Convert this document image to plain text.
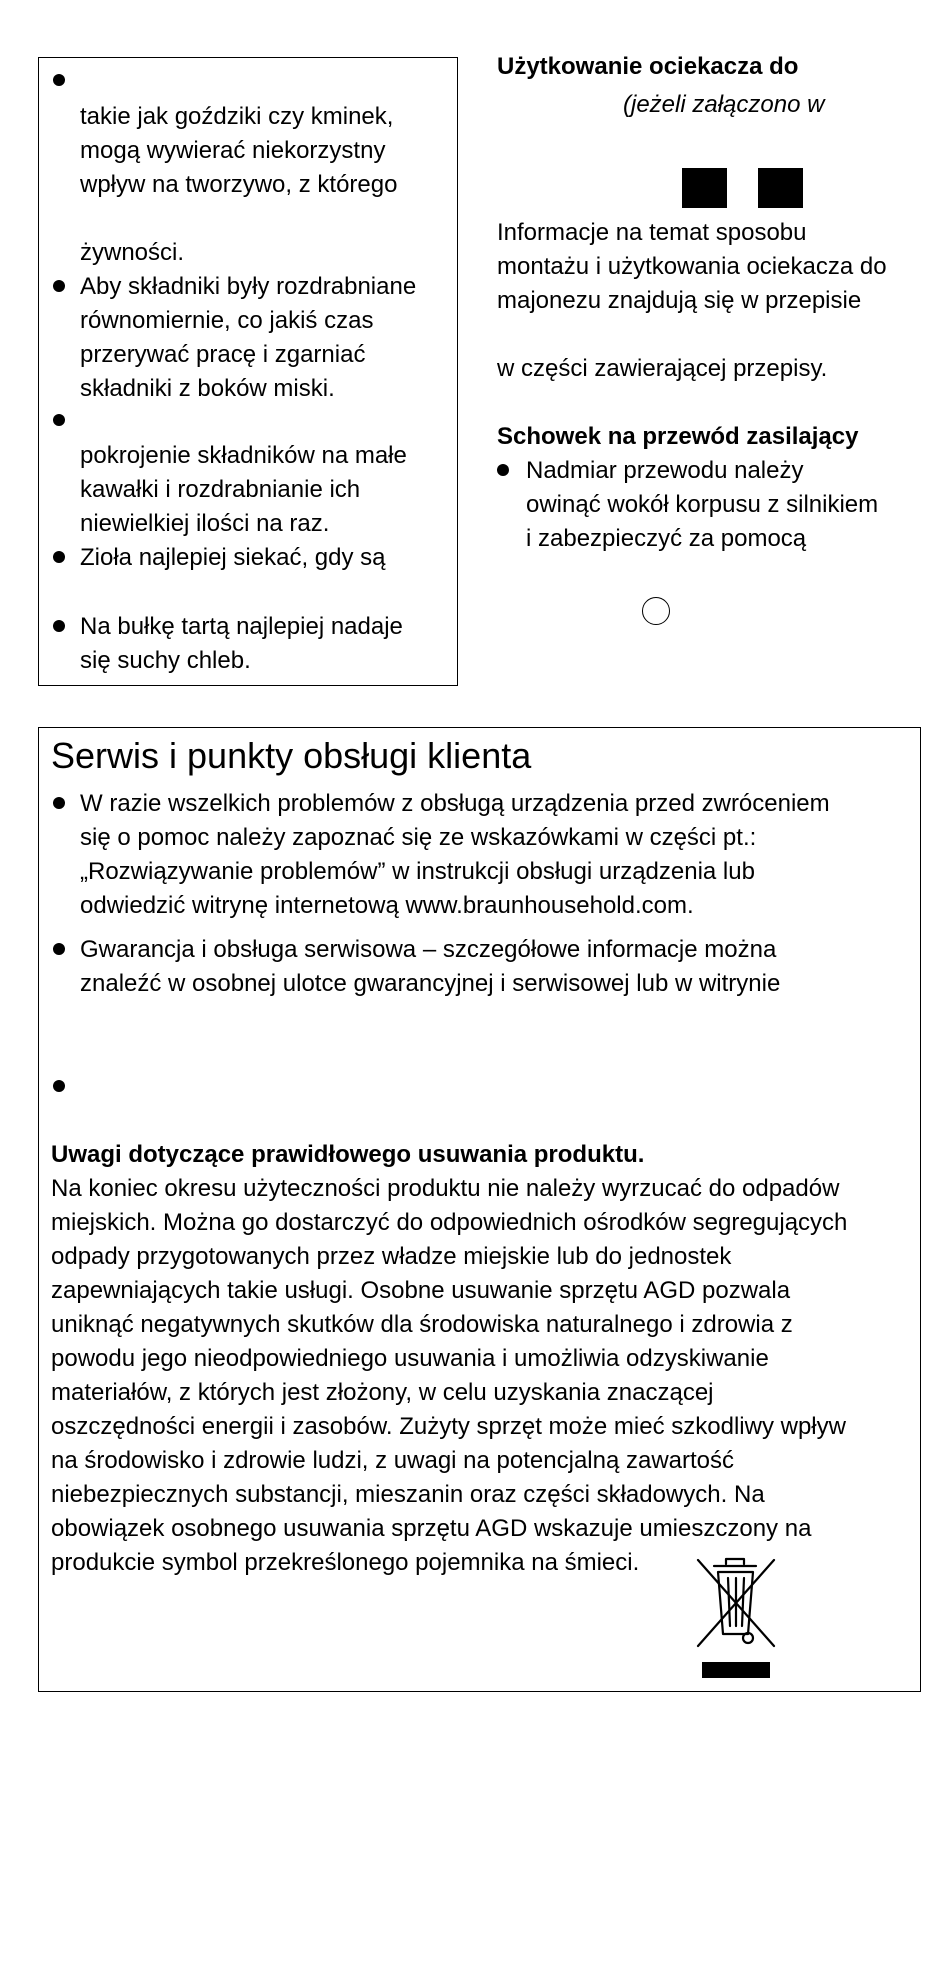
takie jak goździki czy kminek,
mogą wywierać niekorzystny
wpływ na tworzywo, z którego
żywności.
Aby składniki były rozdrabniane
równomiernie, co jakiś czas
przerywać pracę i zgarniać
składniki z boków miski.
pokrojenie składników na małe
kawałki i rozdrabnianie ich
niewielkiej ilości na raz.
Zioła najlepiej siekać, gdy są
Na bułkę tartą najlepiej nadaje
się suchy chleb.
Użytkowanie ociekacza do
(jeżeli załączono w
Informacje na temat sposobu
montażu i użytkowania ociekacza do
majonezu znajdują się w przepisie
w części zawierającej przepisy.
Schowek na przewód zasilający
Nadmiar przewodu należy
owinąć wokół korpusu z silnikiem
i zabezpieczyć za pomocą
Serwis i punkty obsługi klienta
W razie wszelkich problemów z obsługą urządzenia przed zwróceniem
się o pomoc należy zapoznać się ze wskazówkami w części pt.:
„Rozwiązywanie problemów” w instrukcji obsługi urządzenia lub
odwiedzić witrynę internetową www.braunhousehold.com.
Gwarancja i obsługa serwisowa – szczegółowe informacje można
znaleźć w osobnej ulotce gwarancyjnej i serwisowej lub w witrynie
Uwagi dotyczące prawidłowego usuwania produktu.
Na koniec okresu użyteczności produktu nie należy wyrzucać do odpadów
miejskich. Można go dostarczyć do odpowiednich ośrodków segregujących
odpady przygotowanych przez władze miejskie lub do jednostek
zapewniających takie usługi. Osobne usuwanie sprzętu AGD pozwala
uniknąć negatywnych skutków dla środowiska naturalnego i zdrowia z
powodu jego nieodpowiedniego usuwania i umożliwia odzyskiwanie
materiałów, z których jest złożony, w celu uzyskania znaczącej
oszczędności energii i zasobów. Zużyty sprzęt może mieć szkodliwy wpływ
na środowisko i zdrowie ludzi, z uwagi na potencjalną zawartość
niebezpiecznych substancji, mieszanin oraz części składowych. Na
obowiązek osobnego usuwania sprzętu AGD wskazuje umieszczony na
produkcie symbol przekreślonego pojemnika na śmieci.
